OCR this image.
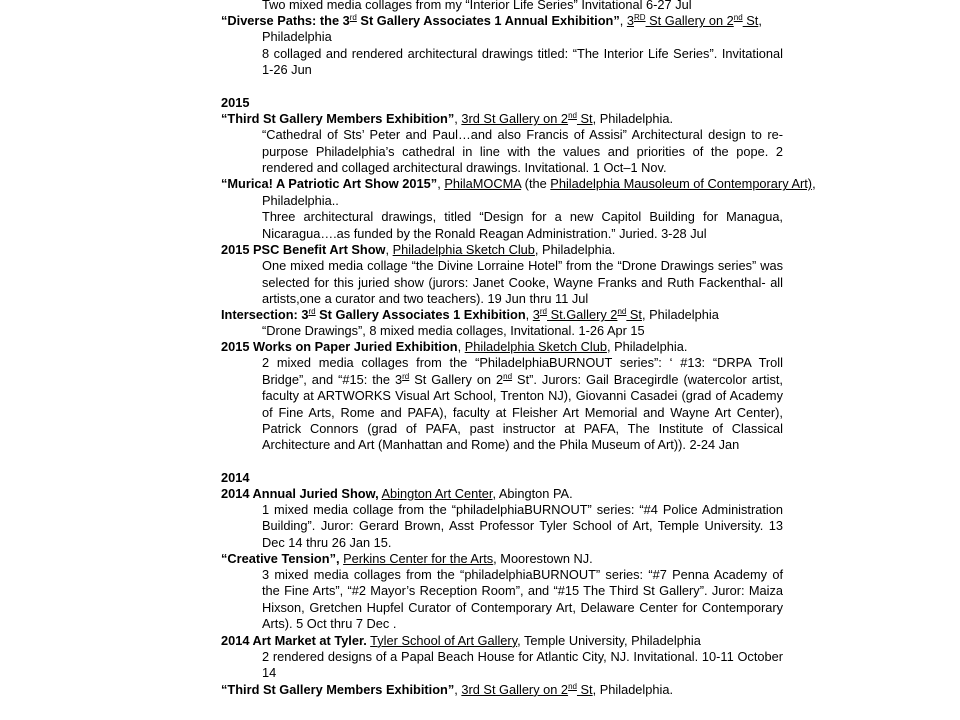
Two mixed media collages from my “Interior Life Series” Invitational 6-27 Jul
“Diverse Paths: the 3rd St Gallery Associates 1 Annual Exhibition”, 3RD St Gallery on 2nd St, Philadelphia
8 collaged and rendered architectural drawings titled: “The Interior Life Series”. Invitational 1-26 Jun
2015
“Third St Gallery Members Exhibition”, 3rd St Gallery on 2nd St, Philadelphia.
“Cathedral of Sts’ Peter and Paul…and also Francis of Assisi” Architectural design to re-purpose Philadelphia’s cathedral in line with the values and priorities of the pope. 2 rendered and collaged architectural drawings. Invitational. 1 Oct–1 Nov.
“Murica! A Patriotic Art Show 2015”, PhilaMOCMA (the Philadelphia Mausoleum of Contemporary Art), Philadelphia..
Three architectural drawings, titled “Design for a new Capitol Building for Managua, Nicaragua….as funded by the Ronald Reagan Administration.” Juried. 3-28 Jul
2015 PSC Benefit Art Show, Philadelphia Sketch Club, Philadelphia.
One mixed media collage “the Divine Lorraine Hotel” from the “Drone Drawings series” was selected for this juried show (jurors: Janet Cooke, Wayne Franks and Ruth Fackenthal- all artists,one a curator and two teachers). 19 Jun thru 11 Jul
Intersection: 3rd St Gallery Associates 1 Exhibition, 3rd St.Gallery 2nd St, Philadelphia
“Drone Drawings”, 8 mixed media collages, Invitational. 1-26 Apr 15
2015 Works on Paper Juried Exhibition, Philadelphia Sketch Club, Philadelphia.
2 mixed media collages from the “PhiladelphiaBURNOUT series”: ‘ #13: “DRPA Troll Bridge”, and “#15: the 3rd St Gallery on 2nd St”. Jurors: Gail Bracegirdle (watercolor artist, faculty at ARTWORKS Visual Art School, Trenton NJ), Giovanni Casadei (grad of Academy of Fine Arts, Rome and PAFA), faculty at Fleisher Art Memorial and Wayne Art Center), Patrick Connors (grad of PAFA, past instructor at PAFA, The Institute of Classical Architecture and Art (Manhattan and Rome) and the Phila Museum of Art)). 2-24 Jan
2014
2014 Annual Juried Show, Abington Art Center, Abington PA.
1 mixed media collage from the “philadelphiaBURNOUT” series: “#4 Police Administration Building”. Juror: Gerard Brown, Asst Professor Tyler School of Art, Temple University. 13 Dec 14 thru 26 Jan 15.
“Creative Tension”, Perkins Center for the Arts, Moorestown NJ.
3 mixed media collages from the “philadelphiaBURNOUT” series: “#7 Penna Academy of the Fine Arts”, “#2 Mayor’s Reception Room”, and “#15 The Third St Gallery”. Juror: Maiza Hixson, Gretchen Hupfel Curator of Contemporary Art, Delaware Center for Contemporary Arts). 5 Oct thru 7 Dec .
2014 Art Market at Tyler. Tyler School of Art Gallery, Temple University, Philadelphia
2 rendered designs of a Papal Beach House for Atlantic City, NJ. Invitational. 10-11 October 14
“Third St Gallery Members Exhibition”, 3rd St Gallery on 2nd St, Philadelphia.
